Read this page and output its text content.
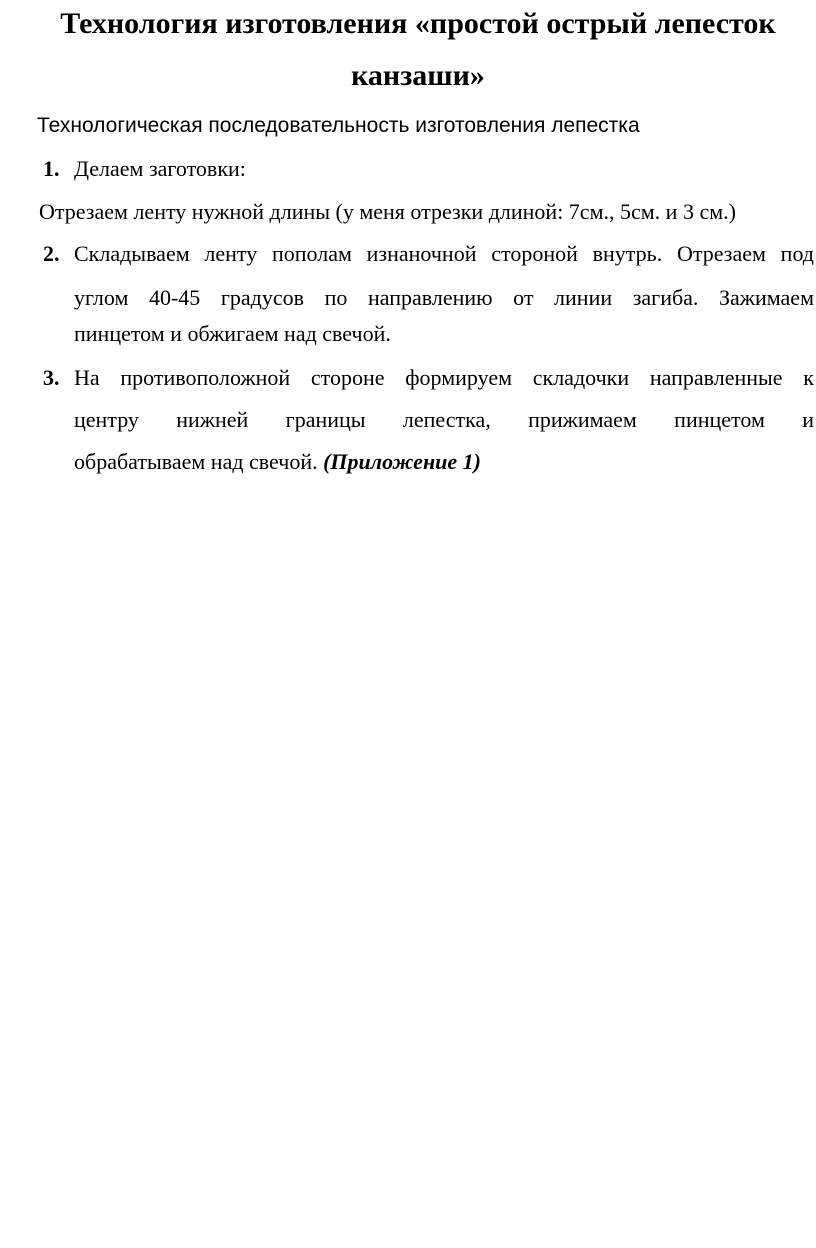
Технология изготовления «простой острый лепесток
канзаши»

Технологическая последовательность изготовления лепестка

1. Делаем заготовки:
Отрезаем ленту нужной длины (у меня отрезки длиной: 7см., 5см. и 3 см.)
2. Складываем ленту пополам изнаночной стороной внутрь. Отрезаем под
углом 40-45 градусов по направлению от линии загиба. Зажимаем
пинцетом и обжигаем над свечой.
3. На противоположной стороне формируем складочки направленные к
центру нижней границы лепестка, прижимаем пинцетом и
обрабатываем над свечой. (Приложение 1)
